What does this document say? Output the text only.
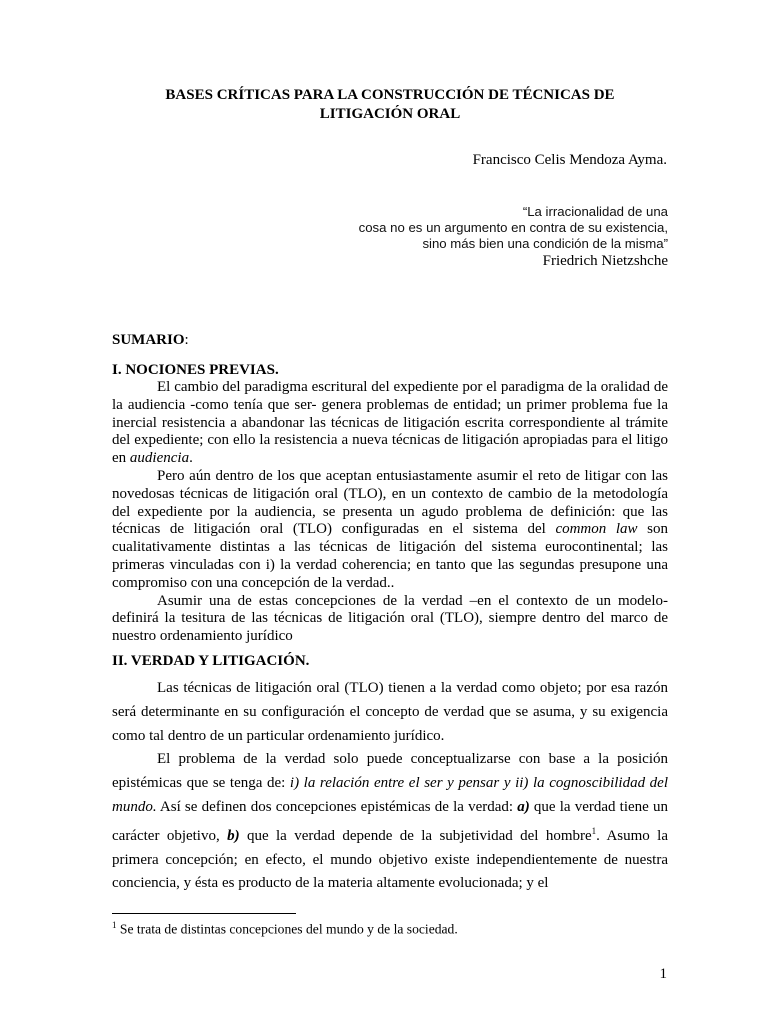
BASES CRÍTICAS PARA LA CONSTRUCCIÓN DE TÉCNICAS DE
LITIGACIÓN ORAL
Francisco Celis Mendoza Ayma.
“La irracionalidad de una
cosa no es un argumento en contra de su existencia,
sino más bien una condición de la misma”
Friedrich Nietzshche
SUMARIO:
I. NOCIONES PREVIAS.

El cambio del paradigma escritural del expediente por el paradigma de la oralidad de la audiencia -como tenía que ser- genera problemas de entidad; un primer problema fue la inercial resistencia a abandonar las técnicas de litigación escrita correspondiente al trámite del expediente; con ello la resistencia a nueva técnicas de litigación apropiadas para el litigo en audiencia.

Pero aún dentro de los que aceptan entusiastamente asumir el reto de litigar con las novedosas técnicas de litigación oral (TLO), en un contexto de cambio de la metodología del expediente por la audiencia, se presenta un agudo problema de definición: que las técnicas de litigación oral (TLO) configuradas en el sistema del common law son cualitativamente distintas a las técnicas de litigación del sistema eurocontinental; las primeras vinculadas con i) la verdad coherencia; en tanto que las segundas presupone una compromiso con una concepción de la verdad..

Asumir una de estas concepciones de la verdad –en el contexto de un modelo- definirá la tesitura de las técnicas de litigación oral (TLO), siempre dentro del marco de nuestro ordenamiento jurídico

II. VERDAD Y LITIGACIÓN.

Las técnicas de litigación oral (TLO) tienen a la verdad como objeto; por esa razón será determinante en su configuración el concepto de verdad que se asuma, y su exigencia como tal dentro de un particular ordenamiento jurídico.

El problema de la verdad solo puede conceptualizarse con base a la posición epistémicas que se tenga de: i) la relación entre el ser y pensar y ii) la cognoscibilidad del mundo. Así se definen dos concepciones epistémicas de la verdad: a) que la verdad tiene un carácter objetivo, b) que la verdad depende de la subjetividad del hombre$^1$. Asumo la primera concepción; en efecto, el mundo objetivo existe independientemente de nuestra conciencia, y ésta es producto de la materia altamente evolucionada; y el

$^1$ Se trata de distintas concepciones del mundo y de la sociedad.
1
